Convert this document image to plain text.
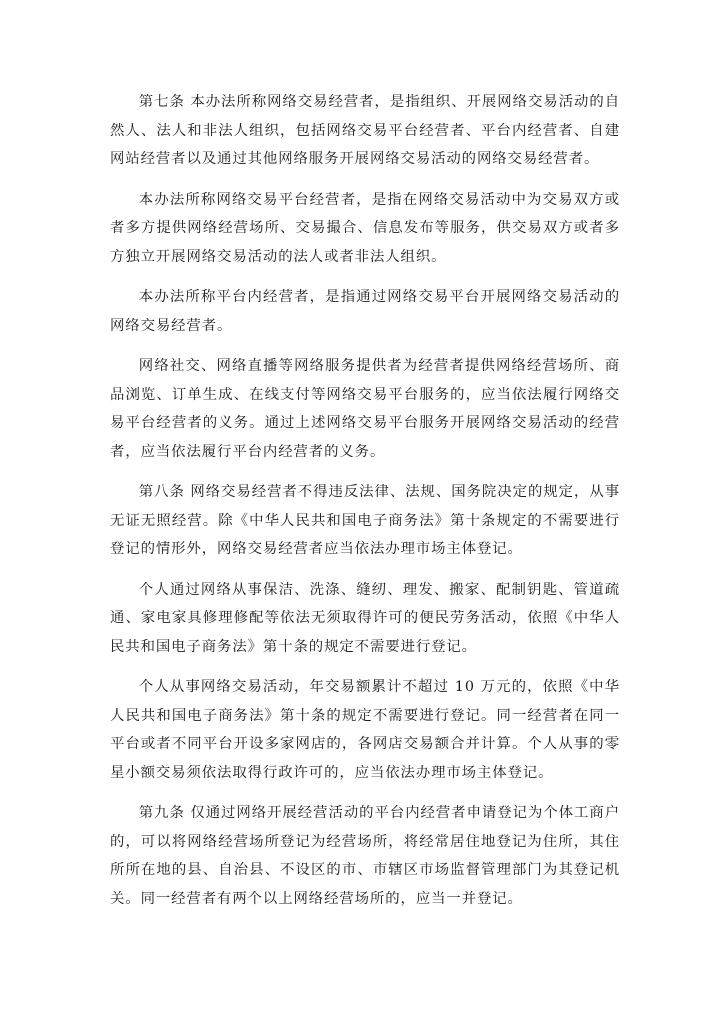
第七条 本办法所称网络交易经营者，是指组织、开展网络交易活动的自然人、法人和非法人组织，包括网络交易平台经营者、平台内经营者、自建网站经营者以及通过其他网络服务开展网络交易活动的网络交易经营者。

本办法所称网络交易平台经营者，是指在网络交易活动中为交易双方或者多方提供网络经营场所、交易撮合、信息发布等服务，供交易双方或者多方独立开展网络交易活动的法人或者非法人组织。

本办法所称平台内经营者，是指通过网络交易平台开展网络交易活动的网络交易经营者。

网络社交、网络直播等网络服务提供者为经营者提供网络经营场所、商品浏览、订单生成、在线支付等网络交易平台服务的，应当依法履行网络交易平台经营者的义务。通过上述网络交易平台服务开展网络交易活动的经营者，应当依法履行平台内经营者的义务。

第八条 网络交易经营者不得违反法律、法规、国务院决定的规定，从事无证无照经营。除《中华人民共和国电子商务法》第十条规定的不需要进行登记的情形外，网络交易经营者应当依法办理市场主体登记。

个人通过网络从事保洁、洗涤、缝纫、理发、搬家、配制钥匙、管道疏通、家电家具修理修配等依法无须取得许可的便民劳务活动，依照《中华人民共和国电子商务法》第十条的规定不需要进行登记。

个人从事网络交易活动，年交易额累计不超过 10 万元的，依照《中华人民共和国电子商务法》第十条的规定不需要进行登记。同一经营者在同一平台或者不同平台开设多家网店的，各网店交易额合并计算。个人从事的零星小额交易须依法取得行政许可的，应当依法办理市场主体登记。

第九条 仅通过网络开展经营活动的平台内经营者申请登记为个体工商户的，可以将网络经营场所登记为经营场所，将经常居住地登记为住所，其住所所在地的县、自治县、不设区的市、市辖区市场监督管理部门为其登记机关。同一经营者有两个以上网络经营场所的，应当一并登记。
